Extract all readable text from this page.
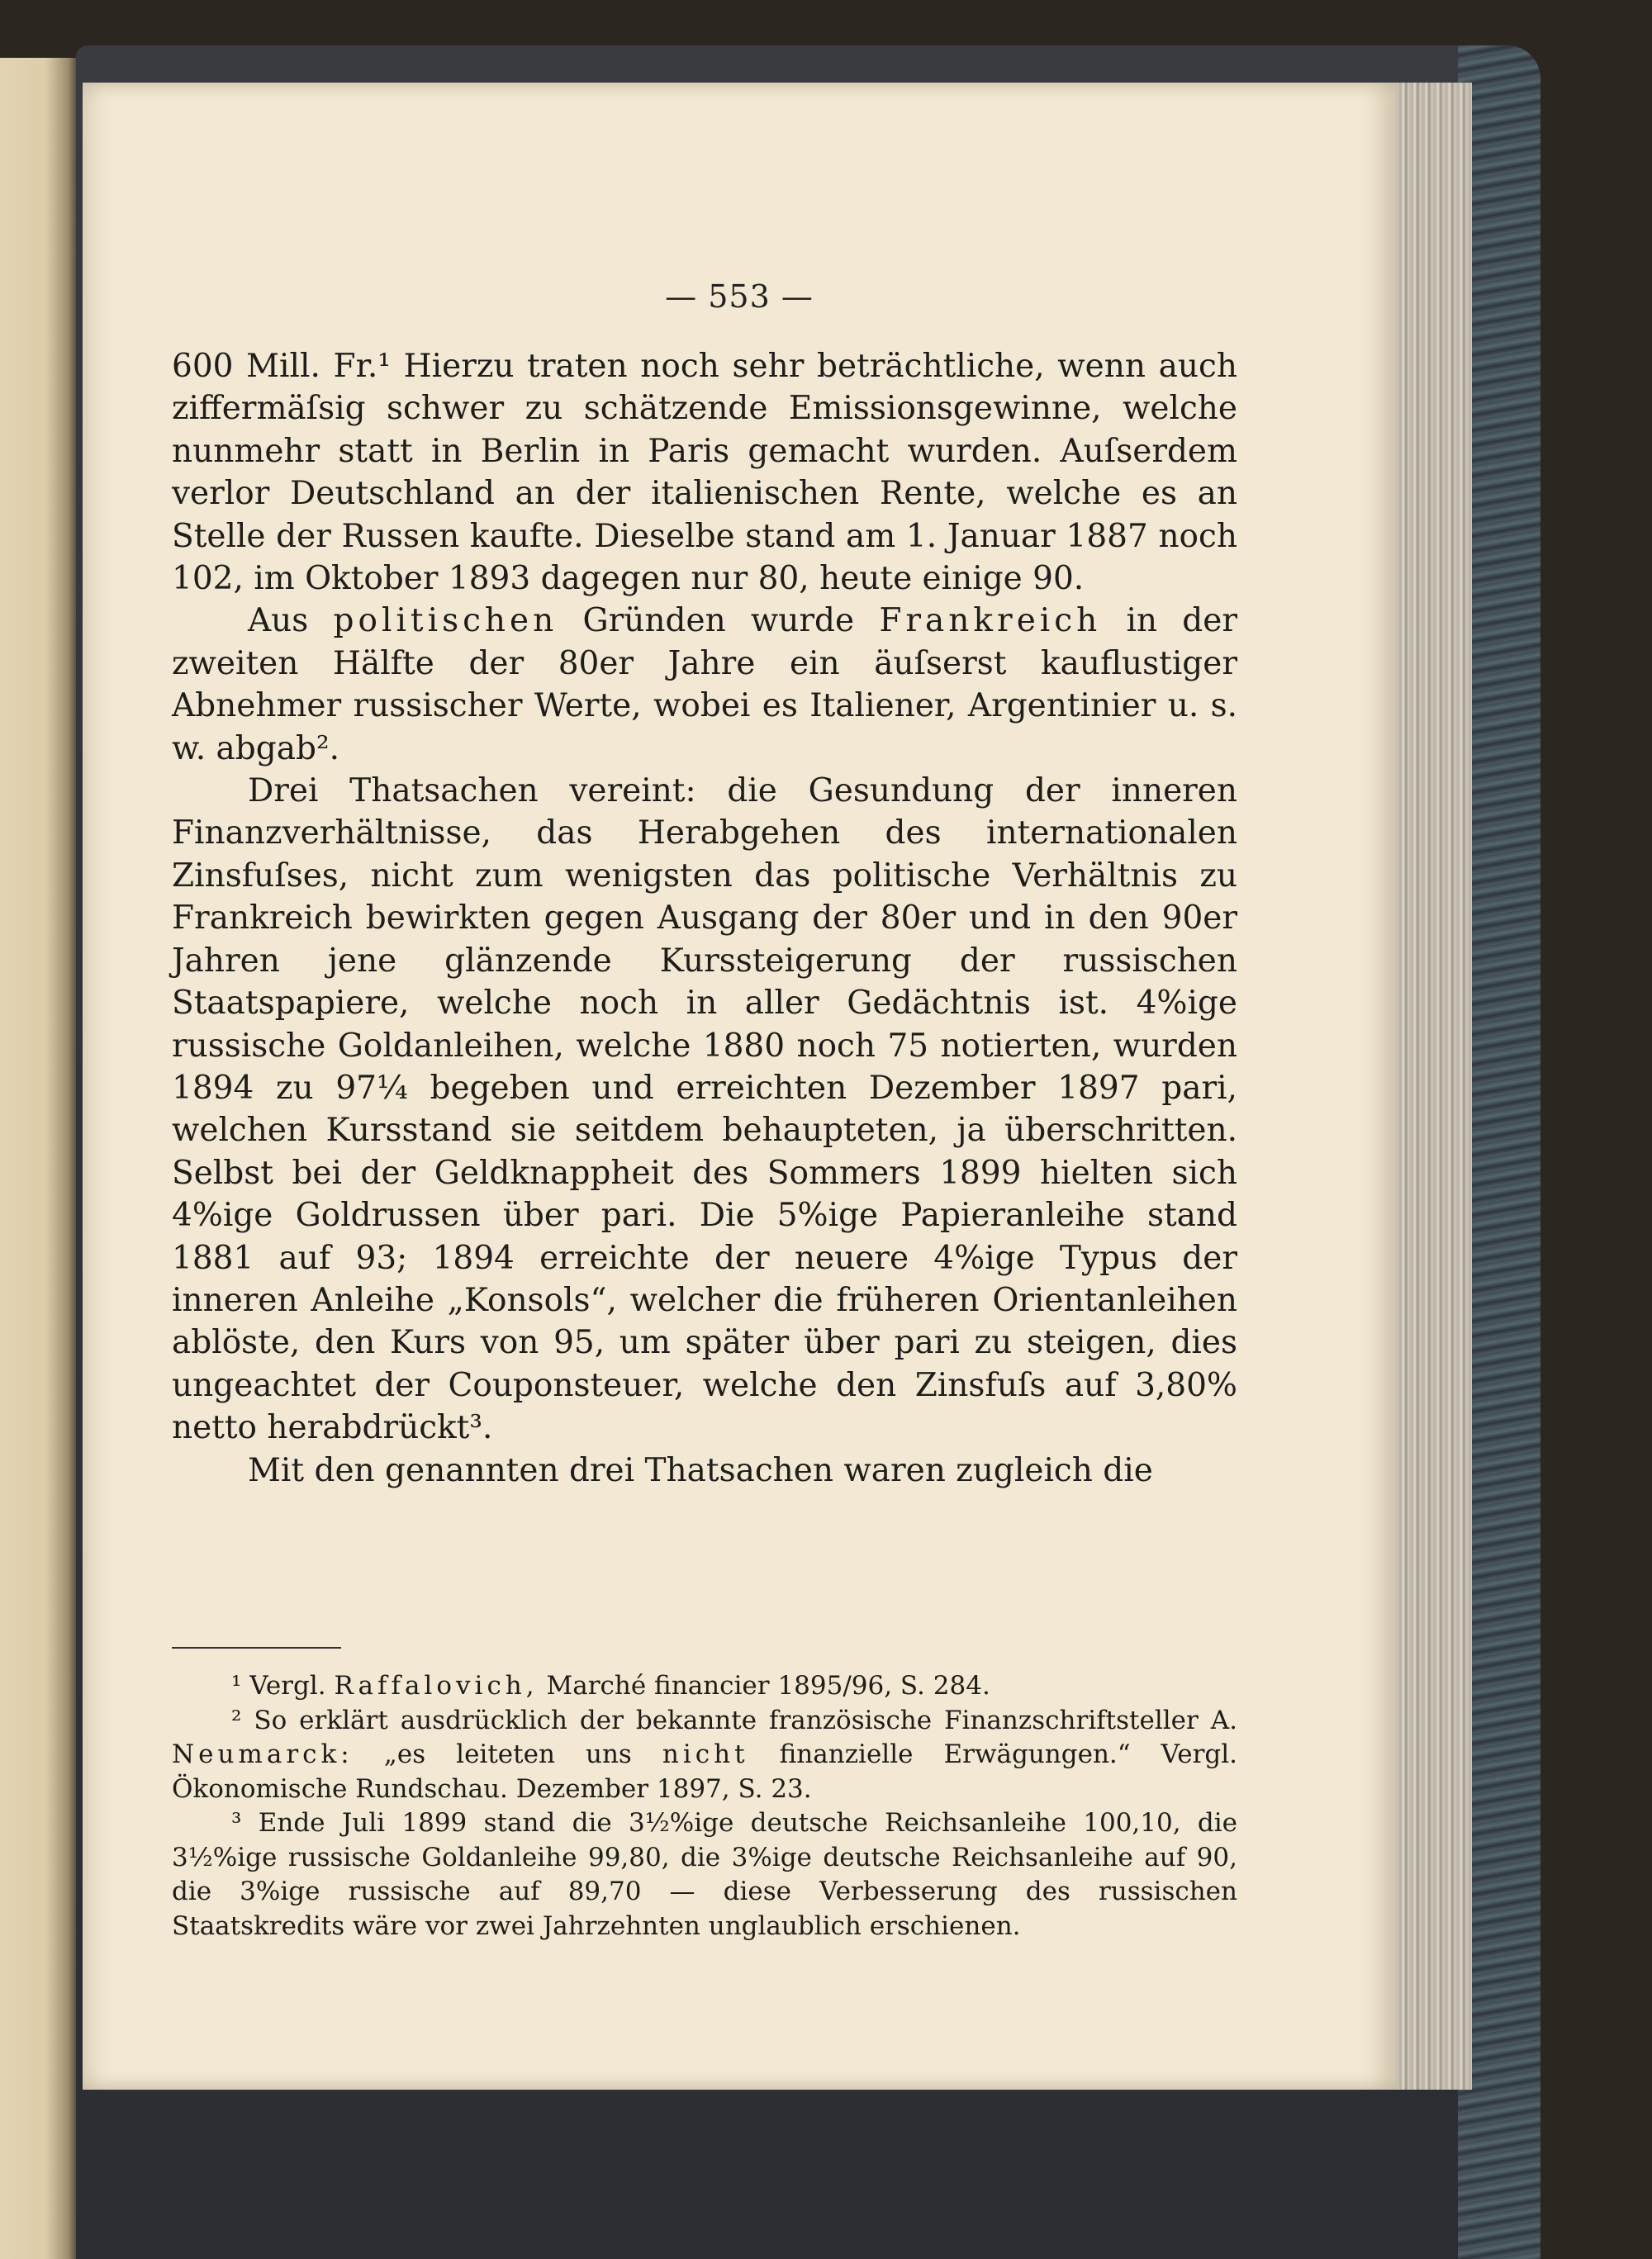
— 553 —

600 Mill. Fr.¹ Hierzu traten noch sehr beträchtliche, wenn auch ziffermäſsig schwer zu schätzende Emissionsgewinne, welche nunmehr statt in Berlin in Paris gemacht wurden. Auſserdem verlor Deutschland an der italienischen Rente, welche es an Stelle der Russen kaufte. Dieselbe stand am 1. Januar 1887 noch 102, im Oktober 1893 dagegen nur 80, heute einige 90.

Aus politischen Gründen wurde Frankreich in der zweiten Hälfte der 80er Jahre ein äuſserst kauflustiger Abnehmer russischer Werte, wobei es Italiener, Argentinier u. s. w. abgab².

Drei Thatsachen vereint: die Gesundung der inneren Finanzverhältnisse, das Herabgehen des internationalen Zinsfuſses, nicht zum wenigsten das politische Verhältnis zu Frankreich bewirkten gegen Ausgang der 80er und in den 90er Jahren jene glänzende Kurssteigerung der russischen Staatspapiere, welche noch in aller Gedächtnis ist. 4%ige russische Goldanleihen, welche 1880 noch 75 notierten, wurden 1894 zu 97¼ begeben und erreichten Dezember 1897 pari, welchen Kursstand sie seitdem behaupteten, ja überschritten. Selbst bei der Geldknappheit des Sommers 1899 hielten sich 4%ige Goldrussen über pari. Die 5%ige Papieranleihe stand 1881 auf 93; 1894 erreichte der neuere 4%ige Typus der inneren Anleihe „Konsols“, welcher die früheren Orientanleihen ablöste, den Kurs von 95, um später über pari zu steigen, dies ungeachtet der Couponsteuer, welche den Zinsfuſs auf 3,80% netto herabdrückt³.

Mit den genannten drei Thatsachen waren zugleich die

¹ Vergl. Raffalovich, Marché financier 1895/96, S. 284.

² So erklärt ausdrücklich der bekannte französische Finanzschriftsteller A. Neumarck: „es leiteten uns nicht finanzielle Erwägungen.“ Vergl. Ökonomische Rundschau. Dezember 1897, S. 23.

³ Ende Juli 1899 stand die 3½%ige deutsche Reichsanleihe 100,10, die 3½%ige russische Goldanleihe 99,80, die 3%ige deutsche Reichsanleihe auf 90, die 3%ige russische auf 89,70 — diese Verbesserung des russischen Staatskredits wäre vor zwei Jahrzehnten unglaublich erschienen.
